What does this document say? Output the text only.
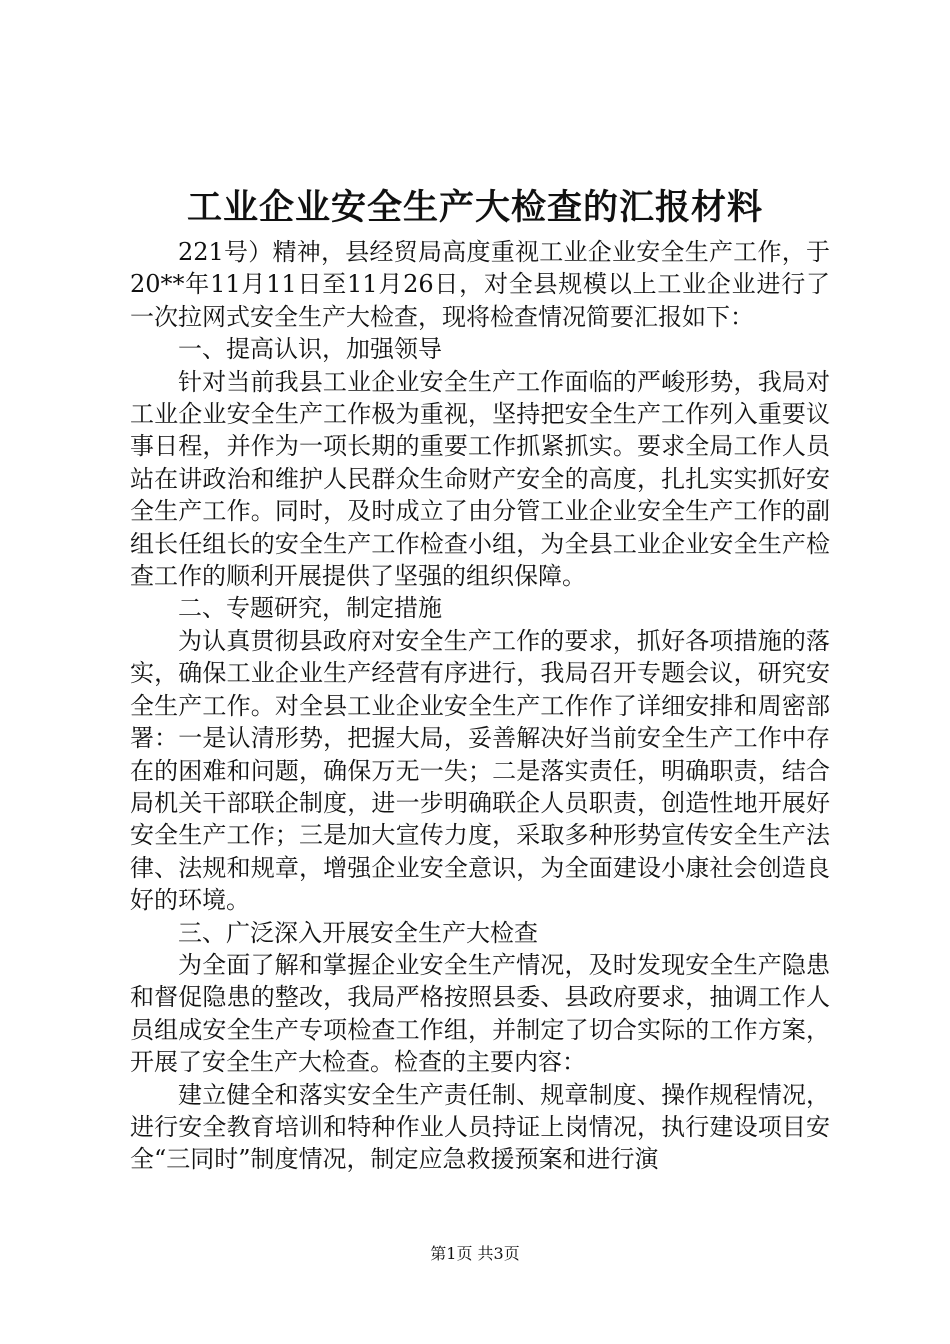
工业企业安全生产大检查的汇报材料

221号）精神，县经贸局高度重视工业企业安全生产工作，于20**年11月11日至11月26日，对全县规模以上工业企业进行了一次拉网式安全生产大检查，现将检查情况简要汇报如下：

一、提高认识，加强领导

针对当前我县工业企业安全生产工作面临的严峻形势，我局对工业企业安全生产工作极为重视，坚持把安全生产工作列入重要议事日程，并作为一项长期的重要工作抓紧抓实。要求全局工作人员站在讲政治和维护人民群众生命财产安全的高度，扎扎实实抓好安全生产工作。同时，及时成立了由分管工业企业安全生产工作的副组长任组长的安全生产工作检查小组，为全县工业企业安全生产检查工作的顺利开展提供了坚强的组织保障。

二、专题研究，制定措施

为认真贯彻县政府对安全生产工作的要求，抓好各项措施的落实，确保工业企业生产经营有序进行，我局召开专题会议，研究安全生产工作。对全县工业企业安全生产工作作了详细安排和周密部署：一是认清形势，把握大局，妥善解决好当前安全生产工作中存在的困难和问题，确保万无一失；二是落实责任，明确职责，结合局机关干部联企制度，进一步明确联企人员职责，创造性地开展好安全生产工作；三是加大宣传力度，采取多种形势宣传安全生产法律、法规和规章，增强企业安全意识，为全面建设小康社会创造良好的环境。

三、广泛深入开展安全生产大检查

为全面了解和掌握企业安全生产情况，及时发现安全生产隐患和督促隐患的整改，我局严格按照县委、县政府要求，抽调工作人员组成安全生产专项检查工作组，并制定了切合实际的工作方案，开展了安全生产大检查。检查的主要内容：

建立健全和落实安全生产责任制、规章制度、操作规程情况，进行安全教育培训和特种作业人员持证上岗情况，执行建设项目安全“三同时”制度情况，制定应急救援预案和进行演

第1页 共3页
